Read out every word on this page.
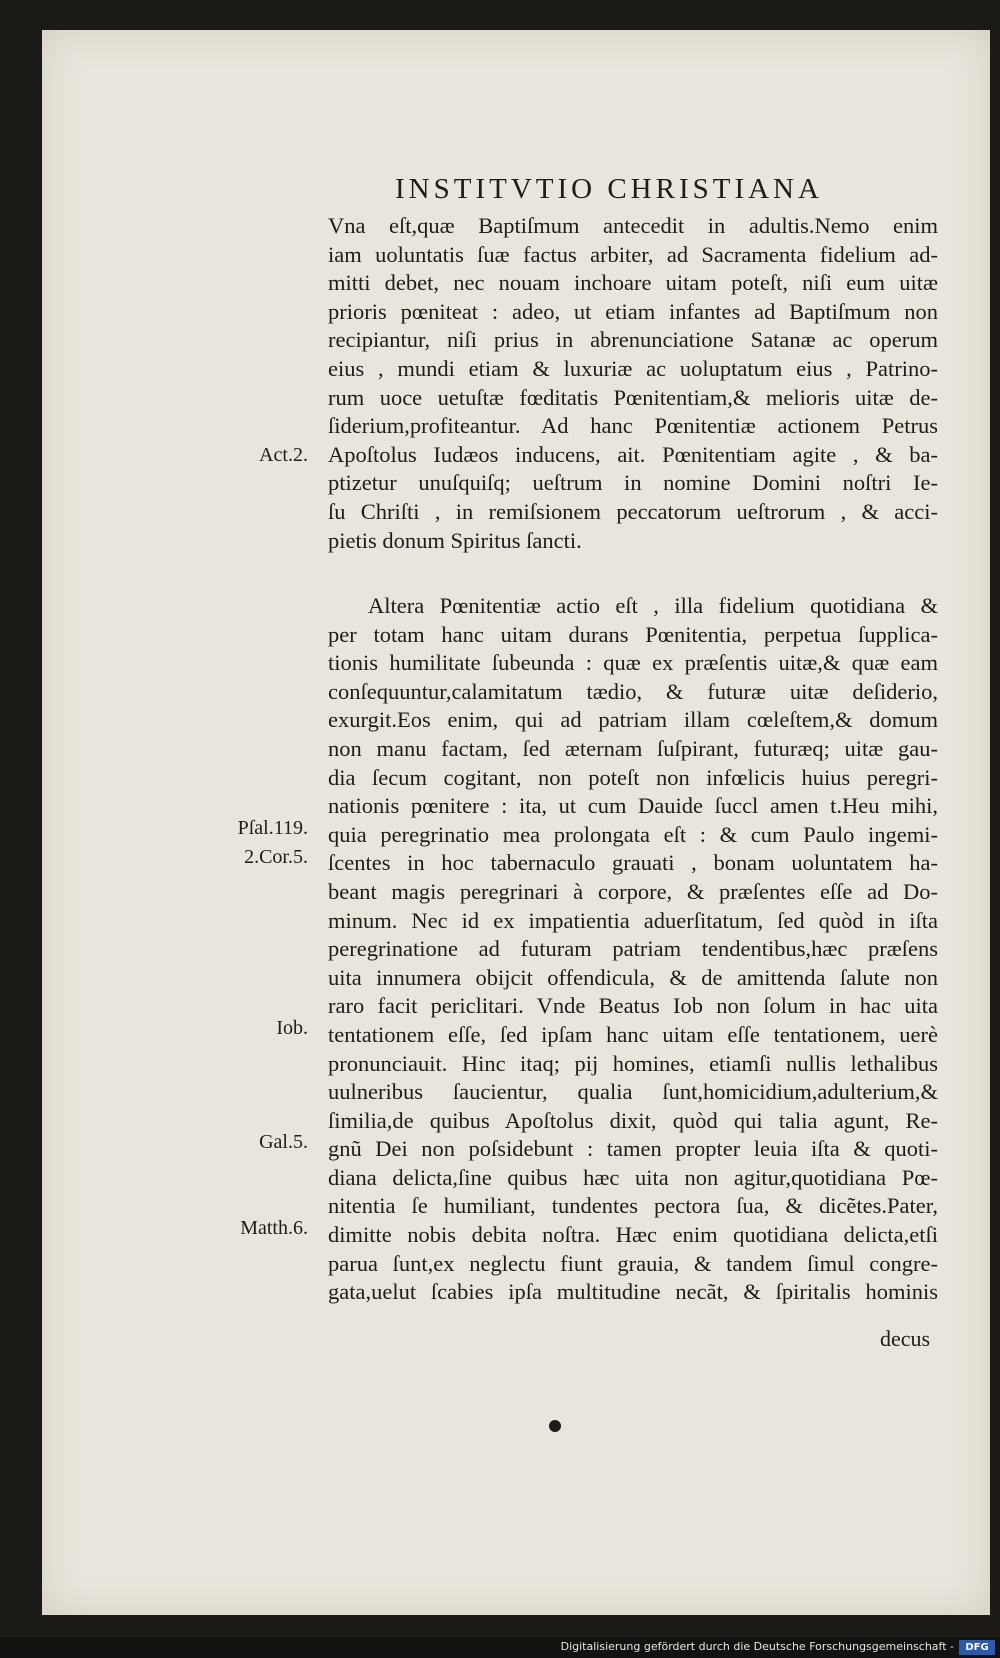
INSTITVTIO CHRISTIANA
Vna eſt,quæ Baptiſmum antecedit in adultis.Nemo enim
iam uoluntatis ſuæ factus arbiter, ad Sacramenta fidelium ad-
mitti debet, nec nouam inchoare uitam poteſt, niſi eum uitæ
prioris pœniteat : adeo, ut etiam infantes ad Baptiſmum non
recipiantur, niſi prius in abrenunciatione Satanæ ac operum
eius , mundi etiam & luxuriæ ac uoluptatum eius , Patrino-
rum uoce uetuſtæ fœditatis Pœnitentiam,& melioris uitæ de-
ſiderium,profiteantur. Ad hanc Pœnitentiæ actionem Petrus
Apoſtolus Iudæos inducens, ait. Pœnitentiam agite , & ba-
ptizetur unuſquiſq; ueſtrum in nomine Domini noſtri Ie-
ſu Chriſti , in remiſsionem peccatorum ueſtrorum , & acci-
pietis donum Spiritus ſancti.
Altera Pœnitentiæ actio eſt , illa fidelium quotidiana &
per totam hanc uitam durans Pœnitentia, perpetua ſupplica-
tionis humilitate ſubeunda : quæ ex præſentis uitæ,& quæ eam
conſequuntur,calamitatum tædio, & futuræ uitæ deſiderio,
exurgit.Eos enim, qui ad patriam illam cœleſtem,& domum
non manu factam, ſed æternam ſuſpirant, futuræq; uitæ gau-
dia ſecum cogitant, non poteſt non infœlicis huius peregri-
nationis pœnitere : ita, ut cum Dauide ſuccl amen t.Heu mihi,
quia peregrinatio mea prolongata eſt : & cum Paulo ingemi-
ſcentes in hoc tabernaculo grauati , bonam uoluntatem ha-
beant magis peregrinari à corpore, & præſentes eſſe ad Do-
minum. Nec id ex impatientia aduerſitatum, ſed quòd in iſta
peregrinatione ad futuram patriam tendentibus,hæc præſens
uita innumera obijcit offendicula, & de amittenda ſalute non
raro facit periclitari. Vnde Beatus Iob non ſolum in hac uita
tentationem eſſe, ſed ipſam hanc uitam eſſe tentationem, uerè
pronunciauit. Hinc itaq; pij homines, etiamſi nullis lethalibus
uulneribus ſaucientur, qualia ſunt,homicidium,adulterium,&
ſimilia,de quibus Apoſtolus dixit, quòd qui talia agunt, Re-
gnũ Dei non poſsidebunt : tamen propter leuia iſta & quoti-
diana delicta,ſine quibus hæc uita non agitur,quotidiana Pœ-
nitentia ſe humiliant, tundentes pectora ſua, & dicẽtes.Pater,
dimitte nobis debita noſtra. Hæc enim quotidiana delicta,etſi
parua ſunt,ex neglectu fiunt grauia, & tandem ſimul congre-
gata,uelut ſcabies ipſa multitudine necãt, & ſpiritalis hominis
decus
Act.2.
Pſal.119.
2.Cor.5.
Iob.
Gal.5.
Matth.6.
Digitalisierung gefördert durch die Deutsche Forschungsgemeinschaft -	DFG
